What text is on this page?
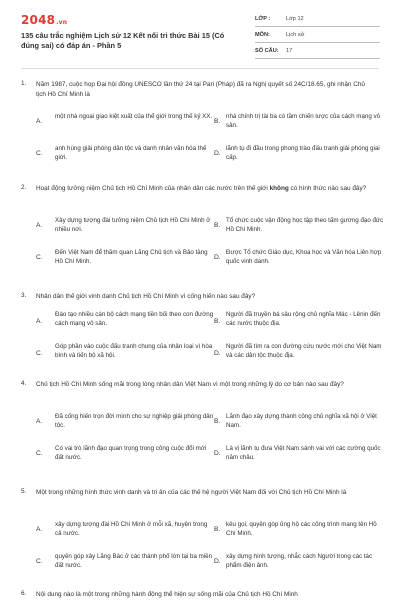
2048.vn
135 câu trắc nghiệm Lịch sử 12 Kết nối tri thức Bài 15 (Có đúng sai) có đáp án - Phần 5
LỚP :	Lớp 12
MÔN:	Lịch sử
SỐ CÂU:	17
1. Năm 1987, cuộc họp Đại hội đồng UNESCO lần thứ 24 tại Pari (Pháp) đã ra Nghị quyết số 24C/18.65, ghi nhận Chủ tịch Hồ Chí Minh là
A.
một nhà ngoại giao kiệt xuất của thế giới trong thế kỷ XX.
B.
nhà chính trị tài ba có tầm chiến lược của cách mạng vô sản.
C.
anh hùng giải phóng dân tộc và danh nhân văn hóa thế giới.
D.
lãnh tụ đi đầu trong phong trào đấu tranh giải phóng giai cấp.
2. Hoạt động tưởng niệm Chủ tịch Hồ Chí Minh của nhân dân các nước trên thế giới không có hình thức nào sau đây?
A.
Xây dựng tượng đài tưởng niệm Chủ tịch Hồ Chí Minh ở nhiều nơi.
B.
Tổ chức cuộc vận động học tập theo tấm gương đạo đức Hồ Chí Minh.
C.
Đến Việt Nam để thăm quan Lăng Chủ tịch và Bảo tàng Hồ Chí Minh.
D.
Được Tổ chức Giáo dục, Khoa học và Văn hóa Liên hợp quốc vinh danh.
3. Nhân dân thế giới vinh danh Chủ tịch Hồ Chí Minh vì cống hiến nào sau đây?
A.
Đào tạo nhiều cán bộ cách mạng tiền bối theo con đường cách mạng vô sản.	B.
Người đã truyền bá sâu rộng chủ nghĩa Mác - Lênin đến các nước thuộc địa.
C.
Góp phần vào cuộc đấu tranh chung của nhân loại vì hòa bình và tiến bộ xã hội.	D.
Người đã tìm ra con đường cứu nước mới cho Việt Nam và các dân tộc thuộc địa.
4. Chủ tịch Hồ Chí Minh sống mãi trong lòng nhân dân Việt Nam vì một trong những lý do cơ bản nào sau đây?
A.
Đã cống hiến trọn đời mình cho sự nghiệp giải phóng dân tộc.
B.
Lãnh đạo xây dựng thành công chủ nghĩa xã hội ở Việt Nam.
C.
Có vai trò lãnh đạo quan trọng trong công cuộc đổi mới đất nước.
D.
Là vị lãnh tụ đưa Việt Nam sánh vai với các cường quốc năm châu.
5. Một trong những hình thức vinh danh và tri ân của các thế hệ người Việt Nam đối với Chủ tịch Hồ Chí Minh là
A.
xây dựng tượng đài Hồ Chí Minh ở mỗi xã, huyện trong cả nước.
B.
kêu gọi, quyên góp ủng hộ các công trình mang tên Hồ Chí Minh.
C.
quyên góp xây Lăng Bác ở các thành phố lớn tại ba miền đất nước.
D.
xây dựng hình tượng, nhắc cách Người trong các tác phẩm điện ảnh.
6. Nội dung nào là một trong những hành động thể hiện sự sống mãi của Chủ tịch Hồ Chí Minh
